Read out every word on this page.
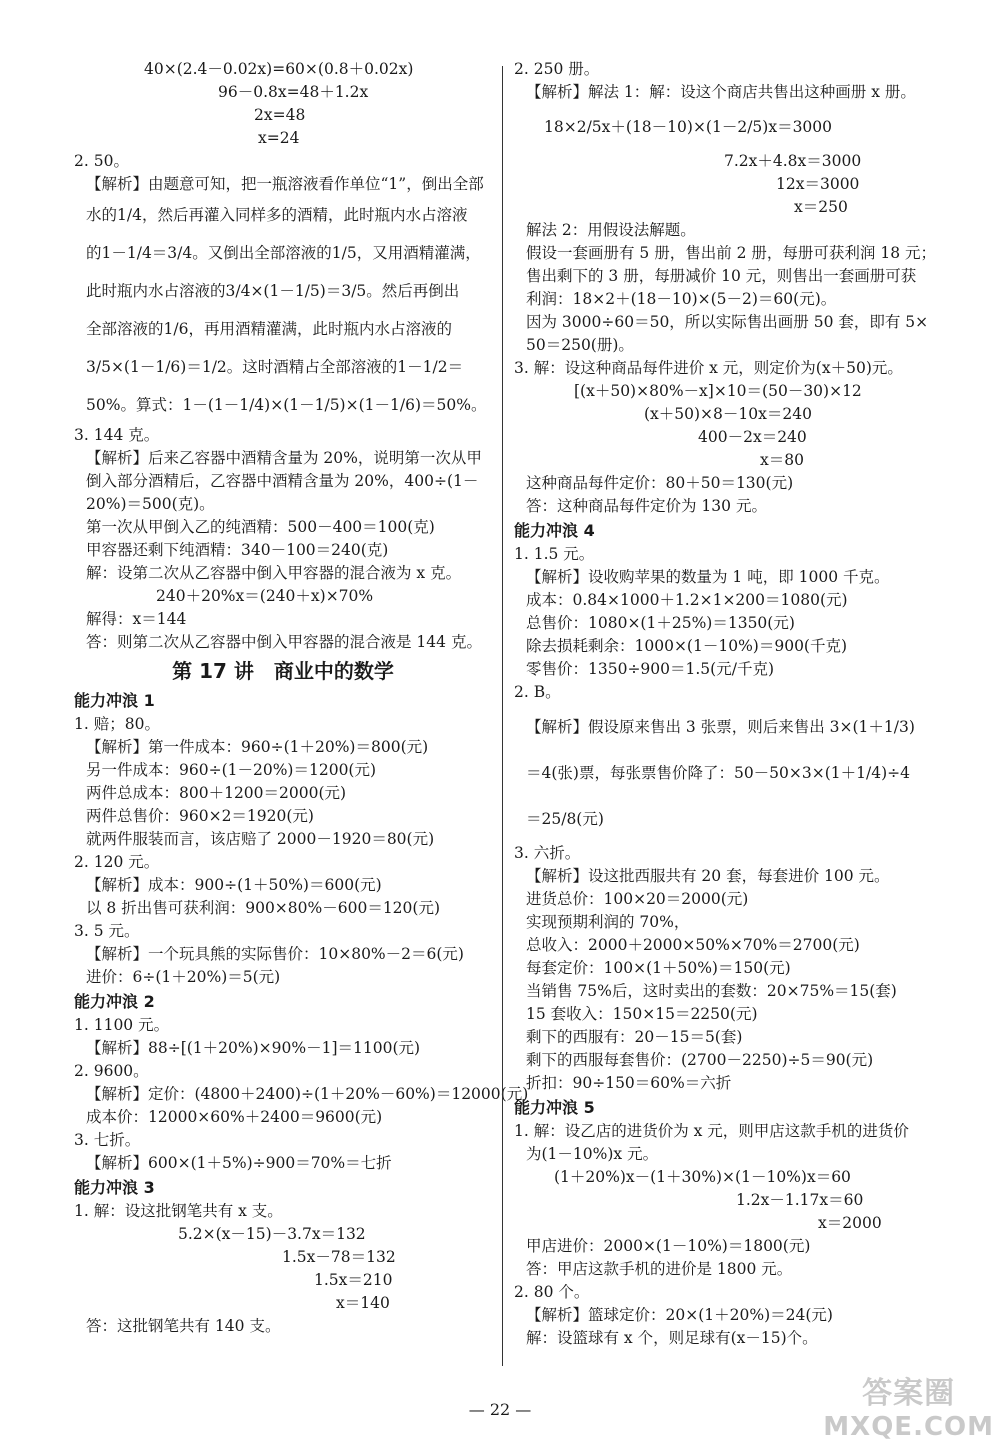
40×(2.4－0.02x)=60×(0.8＋0.02x)
96－0.8x=48＋1.2x
2x=48
x=24
2. 50。
【解析】由题意可知，把一瓶溶液看作单位“1”，倒出全部
水的1/4，然后再灌入同样多的酒精，此时瓶内水占溶液
的1－1/4＝3/4。又倒出全部溶液的1/5，又用酒精灌满，
此时瓶内水占溶液的3/4×(1－1/5)＝3/5。然后再倒出
全部溶液的1/6，再用酒精灌满，此时瓶内水占溶液的
3/5×(1－1/6)＝1/2。这时酒精占全部溶液的1－1/2＝
50%。算式：1－(1－1/4)×(1－1/5)×(1－1/6)＝50%。
3. 144 克。
【解析】后来乙容器中酒精含量为 20%，说明第一次从甲
倒入部分酒精后，乙容器中酒精含量为 20%，400÷(1－
20%)＝500(克)。
第一次从甲倒入乙的纯酒精：500－400＝100(克)
甲容器还剩下纯酒精：340－100＝240(克)
解：设第二次从乙容器中倒入甲容器的混合液为 x 克。
240＋20%x＝(240＋x)×70%
解得：x＝144
答：则第二次从乙容器中倒入甲容器的混合液是 144 克。
第 17 讲　商业中的数学
能力冲浪 1
1. 赔；80。
【解析】第一件成本：960÷(1＋20%)＝800(元)
另一件成本：960÷(1－20%)＝1200(元)
两件总成本：800＋1200＝2000(元)
两件总售价：960×2＝1920(元)
就两件服装而言，该店赔了 2000－1920＝80(元)
2. 120 元。
【解析】成本：900÷(1＋50%)＝600(元)
以 8 折出售可获利润：900×80%－600＝120(元)
3. 5 元。
【解析】一个玩具熊的实际售价：10×80%－2＝6(元)
进价：6÷(1＋20%)＝5(元)
能力冲浪 2
1. 1100 元。
【解析】88÷[(1＋20%)×90%－1]＝1100(元)
2. 9600。
【解析】定价：(4800＋2400)÷(1＋20%－60%)＝12000(元)
成本价：12000×60%＋2400＝9600(元)
3. 七折。
【解析】600×(1＋5%)÷900＝70%＝七折
能力冲浪 3
1. 解：设这批钢笔共有 x 支。
5.2×(x－15)－3.7x＝132
1.5x－78＝132
1.5x＝210
x＝140
答：这批钢笔共有 140 支。
2. 250 册。
【解析】解法 1：解：设这个商店共售出这种画册 x 册。
18×2/5x＋(18－10)×(1－2/5)x＝3000
7.2x＋4.8x＝3000
12x＝3000
x＝250
解法 2：用假设法解题。
假设一套画册有 5 册，售出前 2 册，每册可获利润 18 元；
售出剩下的 3 册，每册减价 10 元，则售出一套画册可获
利润：18×2＋(18－10)×(5－2)＝60(元)。
因为 3000÷60＝50，所以实际售出画册 50 套，即有 5×
50＝250(册)。
3. 解：设这种商品每件进价 x 元，则定价为(x＋50)元。
[(x＋50)×80%－x]×10＝(50－30)×12
(x＋50)×8－10x＝240
400－2x＝240
x＝80
这种商品每件定价：80＋50＝130(元)
答：这种商品每件定价为 130 元。
能力冲浪 4
1. 1.5 元。
【解析】设收购苹果的数量为 1 吨，即 1000 千克。
成本：0.84×1000＋1.2×1×200＝1080(元)
总售价：1080×(1＋25%)＝1350(元)
除去损耗剩余：1000×(1－10%)＝900(千克)
零售价：1350÷900＝1.5(元/千克)
2. B。
【解析】假设原来售出 3 张票，则后来售出 3×(1＋1/3)
＝4(张)票，每张票售价降了：50－50×3×(1＋1/4)÷4
＝25/8(元)
3. 六折。
【解析】设这批西服共有 20 套，每套进价 100 元。
进货总价：100×20＝2000(元)
实现预期利润的 70%，
总收入：2000＋2000×50%×70%＝2700(元)
每套定价：100×(1＋50%)＝150(元)
当销售 75%后，这时卖出的套数：20×75%＝15(套)
15 套收入：150×15＝2250(元)
剩下的西服有：20－15＝5(套)
剩下的西服每套售价：(2700－2250)÷5＝90(元)
折扣：90÷150＝60%＝六折
能力冲浪 5
1. 解：设乙店的进货价为 x 元，则甲店这款手机的进货价
为(1－10%)x 元。
(1＋20%)x－(1＋30%)×(1－10%)x＝60
1.2x－1.17x＝60
x＝2000
甲店进价：2000×(1－10%)＝1800(元)
答：甲店这款手机的进价是 1800 元。
2. 80 个。
【解析】篮球定价：20×(1＋20%)＝24(元)
解：设篮球有 x 个，则足球有(x－15)个。
— 22 —	答案圈
MXQE.COM
